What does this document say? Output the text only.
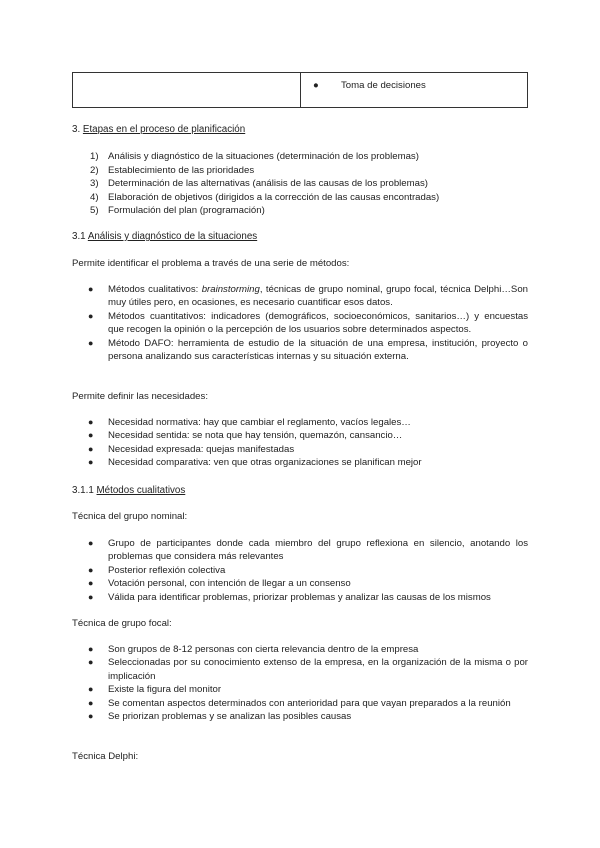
● Toma de decisiones
3. Etapas en el proceso de planificación
1) Análisis y diagnóstico de la situaciones (determinación de los problemas)
2) Establecimiento de las prioridades
3) Determinación de las alternativas (análisis de las causas de los problemas)
4) Elaboración de objetivos (dirigidos a la corrección de las causas encontradas)
5) Formulación del plan (programación)
3.1 Análisis y diagnóstico de la situaciones
Permite identificar el problema a través de una serie de métodos:
● Métodos cualitativos: brainstorming, técnicas de grupo nominal, grupo focal, técnica Delphi…Son muy útiles pero, en ocasiones, es necesario cuantificar esos datos.
● Métodos cuantitativos: indicadores (demográficos, socioeconómicos, sanitarios…) y encuestas que recogen la opinión o la percepción de los usuarios sobre determinados aspectos.
● Método DAFO: herramienta de estudio de la situación de una empresa, institución, proyecto o persona analizando sus características internas y su situación externa.
Permite definir las necesidades:
● Necesidad normativa: hay que cambiar el reglamento, vacíos legales…
● Necesidad sentida: se nota que hay tensión, quemazón, cansancio…
● Necesidad expresada: quejas manifestadas
● Necesidad comparativa: ven que otras organizaciones se planifican mejor
3.1.1 Métodos cualitativos
Técnica del grupo nominal:
● Grupo de participantes donde cada miembro del grupo reflexiona en silencio, anotando los problemas que considera más relevantes
● Posterior reflexión colectiva
● Votación personal, con intención de llegar a un consenso
● Válida para identificar problemas, priorizar problemas y analizar las causas de los mismos
Técnica de grupo focal:
● Son grupos de 8-12 personas con cierta relevancia dentro de la empresa
● Seleccionadas por su conocimiento extenso de la empresa, en la organización de la misma o por implicación
● Existe la figura del monitor
● Se comentan aspectos determinados con anterioridad para que vayan preparados a la reunión
● Se priorizan problemas y se analizan las posibles causas
Técnica Delphi:
